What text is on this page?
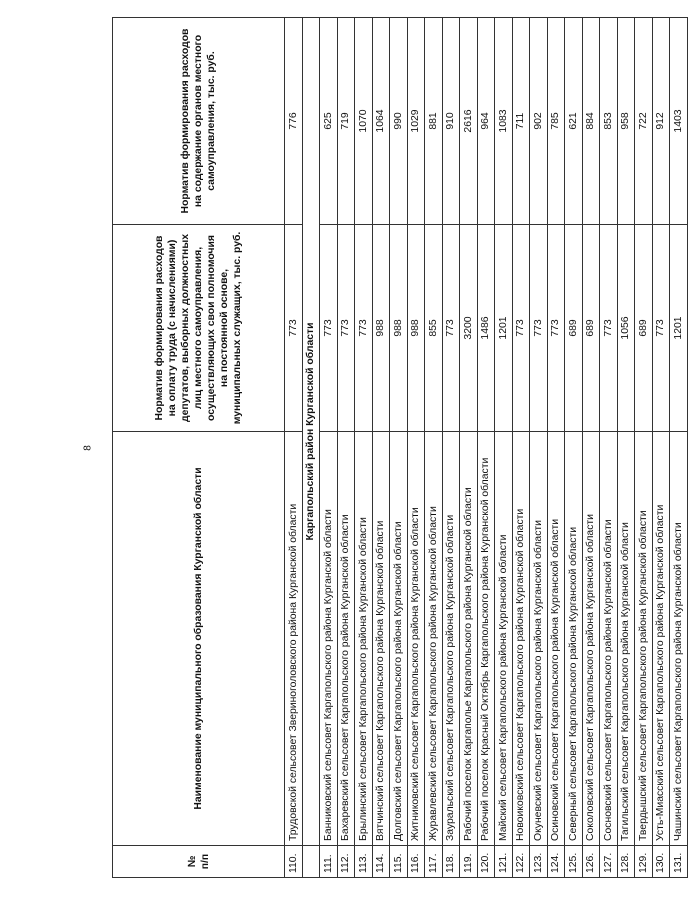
8
№ п/п	Наименование муниципального образования Курганской области	Норматив формирования расходов на оплату труда (с начислениями) депутатов, выборных должностных лиц местного самоуправления, осуществляющих свои полномочия на постоянной основе, муниципальных служащих, тыс. руб.	Норматив формирования расходов на содержание органов местного самоуправления, тыс. руб.
110.	Трудовской сельсовет Звериноголовского района Курганской области	773	776
	Каргапольский район Курганской области		
111.	Банниковский сельсовет Каргапольского района Курганской области	773	625
112.	Бахаревский сельсовет Каргапольского района Курганской области	773	719
113.	Брылинский сельсовет Каргапольского района Курганской области	773	1070
114.	Вятчинский сельсовет Каргапольского района Курганской области	988	1064
115.	Долговский сельсовет Каргапольского района Курганской области	988	990
116.	Житниковский сельсовет Каргапольского района Курганской области	988	1029
117.	Журавлевский сельсовет Каргапольского района Курганской области	855	881
118.	Зауральский сельсовет Каргапольского района Курганской области	773	910
119.	Рабочий поселок Каргаполье Каргапольского района Курганской области	3200	2616
120.	Рабочий поселок Красный Октябрь Каргапольского района Курганской области	1486	964
121.	Майский сельсовет Каргапольского района Курганской области	1201	1083
122.	Новоиковский сельсовет Каргапольского района Курганской области	773	711
123.	Окуневский сельсовет Каргапольского района Курганской области	773	902
124.	Осиновский сельсовет Каргапольского района Курганской области	773	785
125.	Северный сельсовет Каргапольского района Курганской области	689	621
126.	Соколовский сельсовет Каргапольского района Курганской области	689	884
127.	Сосновский сельсовет Каргапольского района Курганской области	773	853
128.	Тагильский сельсовет Каргапольского района Курганской области	1056	958
129.	Твердышский сельсовет Каргапольского района Курганской области	689	722
130.	Усть-Миасский сельсовет Каргапольского района Курганской области	773	912
131.	Чашинский сельсовет Каргапольского района Курганской области	1201	1403
